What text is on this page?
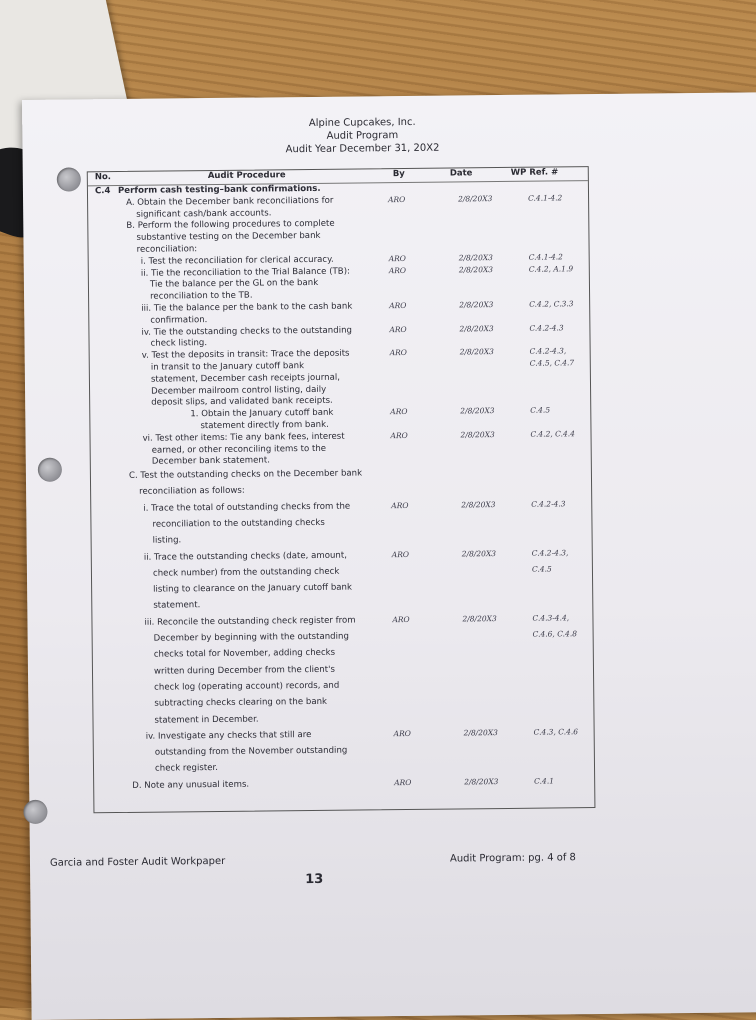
Alpine Cupcakes, Inc.
Audit Program
Audit Year December 31, 20X2
No.	Audit Procedure	By	Date	WP Ref. #
C.4 Perform cash testing–bank confirmations.
A. Obtain the December bank reconciliations for	ARO	2/8/20X3	C.4.1-4.2
significant cash/bank accounts.
B. Perform the following procedures to complete
substantive testing on the December bank
reconciliation:
i. Test the reconciliation for clerical accuracy.	ARO	2/8/20X3	C.4.1-4.2
ii. Tie the reconciliation to the Trial Balance (TB):	ARO	2/8/20X3	C.4.2, A.1.9
Tie the balance per the GL on the bank
reconciliation to the TB.
iii. Tie the balance per the bank to the cash bank	ARO	2/8/20X3	C.4.2, C.3.3
confirmation.
iv. Tie the outstanding checks to the outstanding	ARO	2/8/20X3	C.4.2-4.3
check listing.
v. Test the deposits in transit: Trace the deposits	ARO	2/8/20X3	C.4.2-4.3,
in transit to the January cutoff bank	C.4.5, C.4.7
statement, December cash receipts journal,
December mailroom control listing, daily
deposit slips, and validated bank receipts.
1. Obtain the January cutoff bank	ARO	2/8/20X3	C.4.5
statement directly from bank.
vi. Test other items: Tie any bank fees, interest	ARO	2/8/20X3	C.4.2, C.4.4
earned, or other reconciling items to the
December bank statement.
C. Test the outstanding checks on the December bank
reconciliation as follows:
i. Trace the total of outstanding checks from the	ARO	2/8/20X3	C.4.2-4.3
reconciliation to the outstanding checks
listing.
ii. Trace the outstanding checks (date, amount,	ARO	2/8/20X3	C.4.2-4.3,
check number) from the outstanding check	C.4.5
listing to clearance on the January cutoff bank
statement.
iii. Reconcile the outstanding check register from	ARO	2/8/20X3	C.4.3-4.4,
December by beginning with the outstanding	C.4.6, C.4.8
checks total for November, adding checks
written during December from the client's
check log (operating account) records, and
subtracting checks clearing on the bank
statement in December.
iv. Investigate any checks that still are	ARO	2/8/20X3	C.4.3, C.4.6
outstanding from the November outstanding
check register.
D. Note any unusual items.	ARO	2/8/20X3	C.4.1
Garcia and Foster Audit Workpaper	Audit Program: pg. 4 of 8
13
